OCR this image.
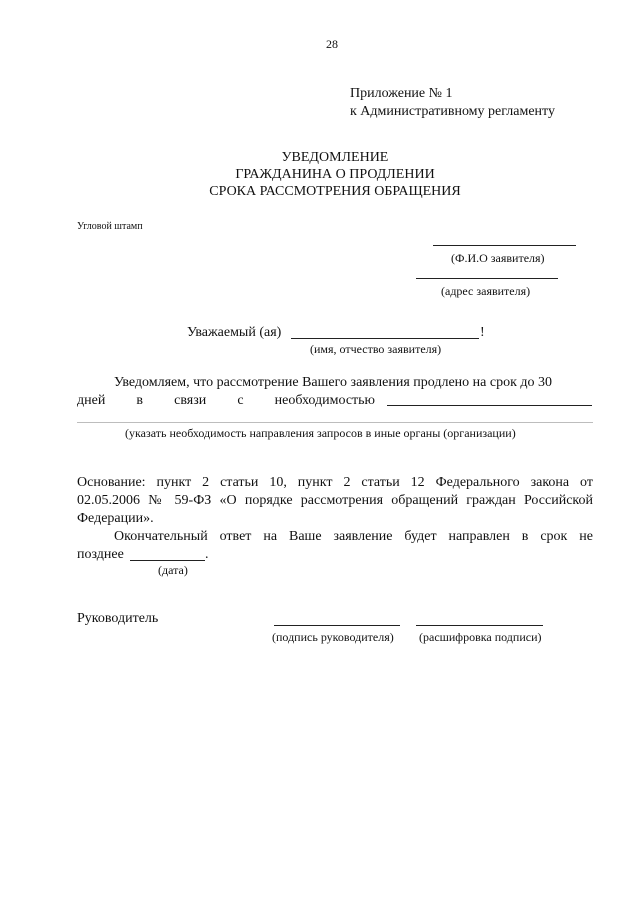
28
Приложение № 1
к Административному регламенту
УВЕДОМЛЕНИЕ
ГРАЖДАНИНА О ПРОДЛЕНИИ
СРОКА РАССМОТРЕНИЯ ОБРАЩЕНИЯ
Угловой штамп
(Ф.И.О заявителя)
(адрес заявителя)
Уважаемый (ая)	!
(имя, отчество заявителя)
Уведомляем, что рассмотрение Вашего заявления продлено на срок до 30
дней в связи с необходимостью
(указать необходимость направления запросов в иные органы (организации)
Основание: пункт 2 статьи 10, пункт 2 статьи 12 Федерального закона от
02.05.2006 № 59-ФЗ «О порядке рассмотрения обращений граждан Российской
Федерации».
Окончательный ответ на Ваше заявление будет направлен в срок не
позднее	.
(дата)
Руководитель
(подпись руководителя) (расшифровка подписи)
